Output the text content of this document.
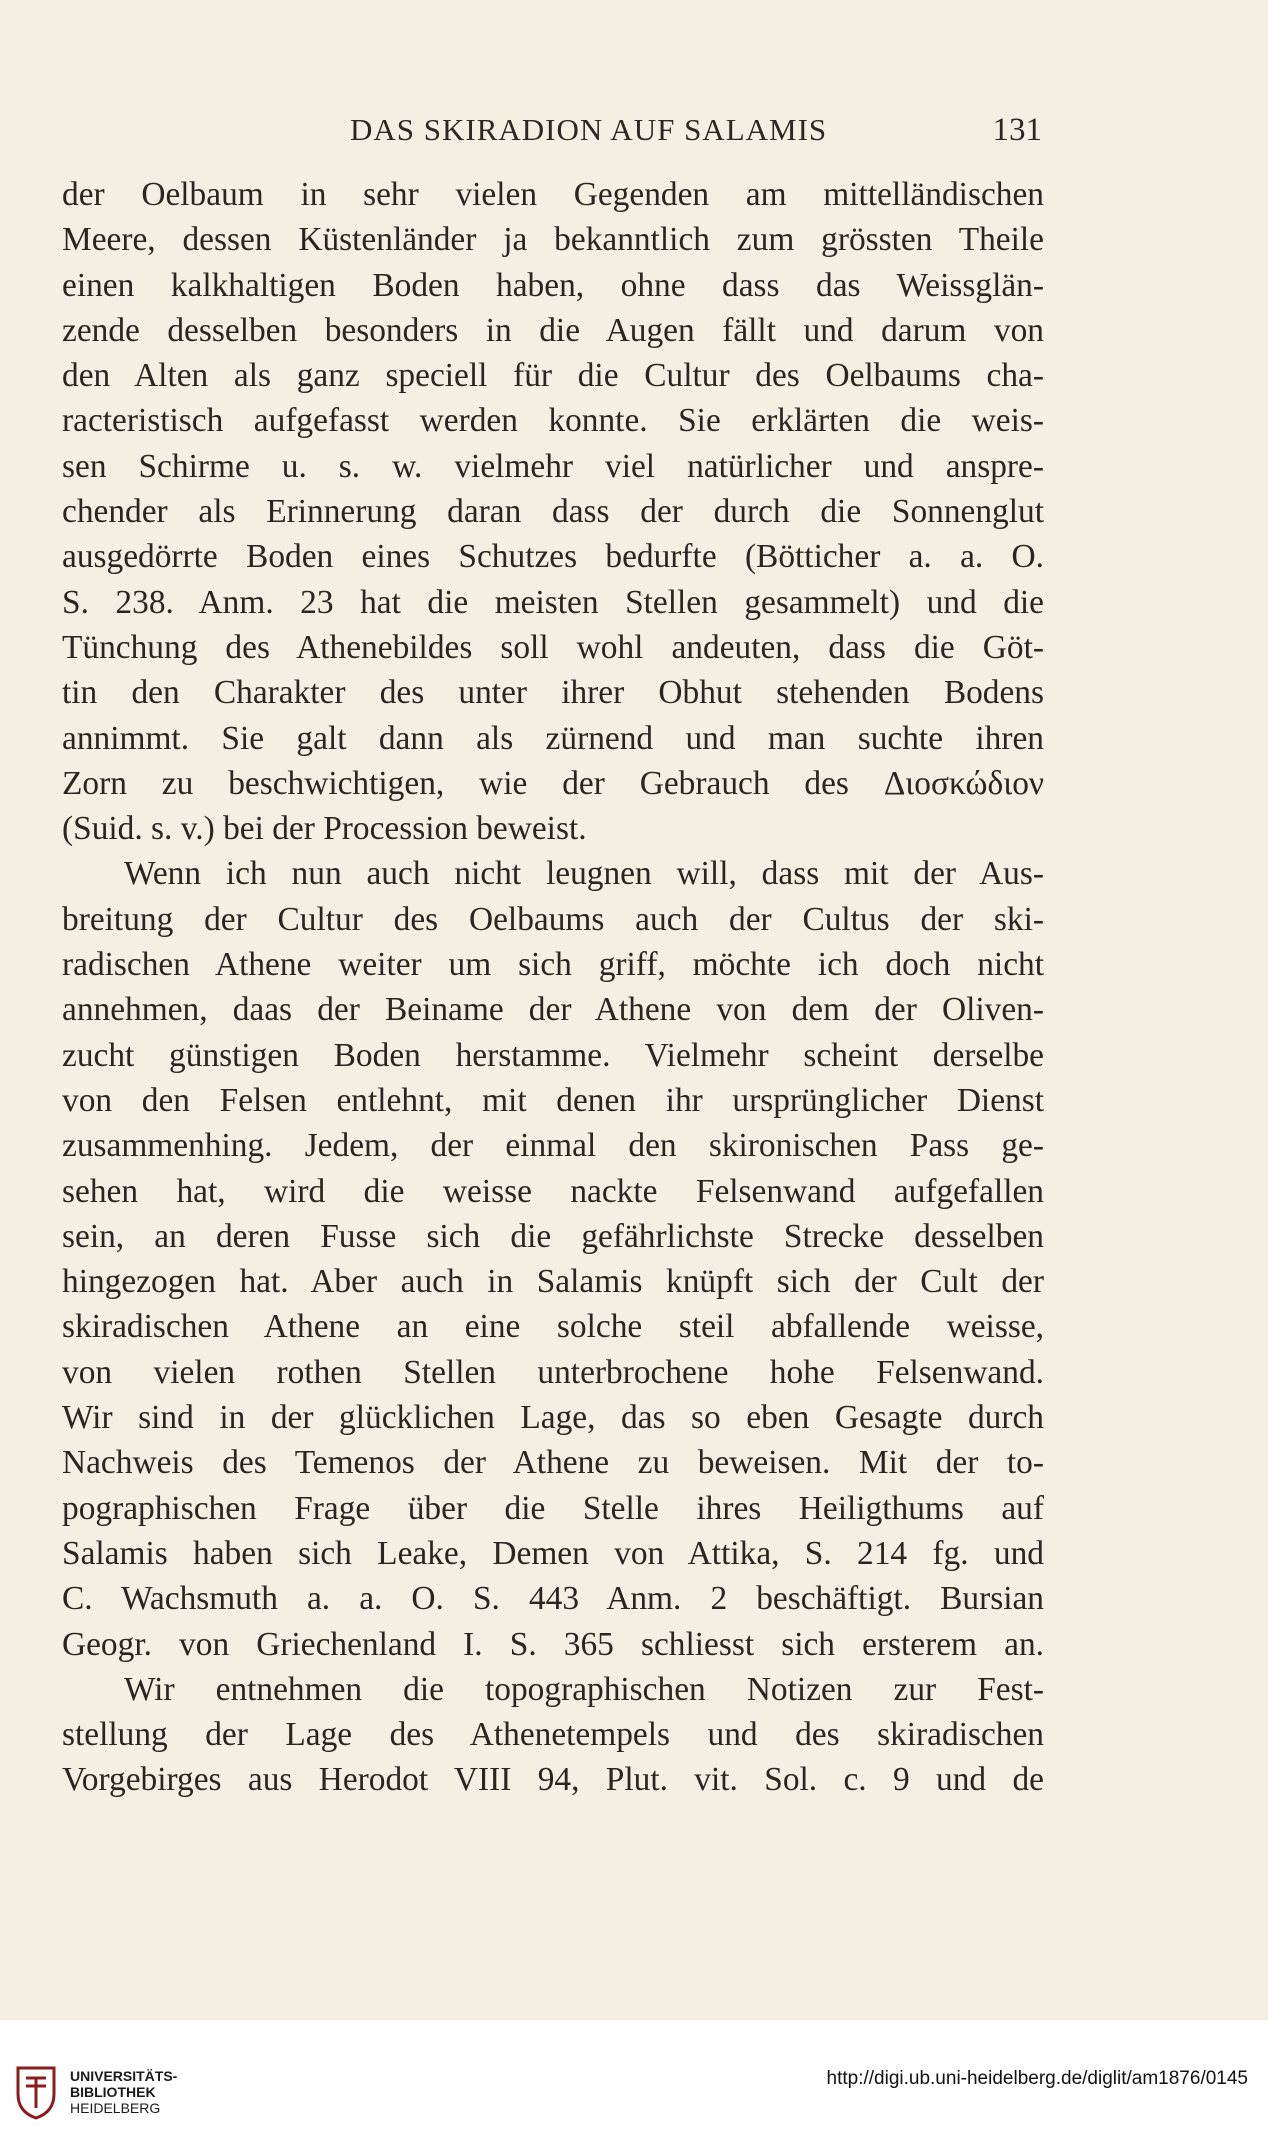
DAS SKIRADION AUF SALAMIS	131
der Oelbaum in sehr vielen Gegenden am mittelländischen
Meere, dessen Küstenländer ja bekanntlich zum grössten Theile
einen kalkhaltigen Boden haben, ohne dass das Weissglän-
zende desselben besonders in die Augen fällt und darum von
den Alten als ganz speciell für die Cultur des Oelbaums cha-
racteristisch aufgefasst werden konnte. Sie erklärten die weis-
sen Schirme u. s. w. vielmehr viel natürlicher und anspre-
chender als Erinnerung daran dass der durch die Sonnenglut
ausgedörrte Boden eines Schutzes bedurfte (Bötticher a. a. O.
S. 238. Anm. 23 hat die meisten Stellen gesammelt) und die
Tünchung des Athenebildes soll wohl andeuten, dass die Göt-
tin den Charakter des unter ihrer Obhut stehenden Bodens
annimmt. Sie galt dann als zürnend und man suchte ihren
Zorn zu beschwichtigen, wie der Gebrauch des Διοσκώδιον
(Suid. s. v.) bei der Procession beweist.
Wenn ich nun auch nicht leugnen will, dass mit der Aus-
breitung der Cultur des Oelbaums auch der Cultus der ski-
radischen Athene weiter um sich griff, möchte ich doch nicht
annehmen, daas der Beiname der Athene von dem der Oliven-
zucht günstigen Boden herstamme. Vielmehr scheint derselbe
von den Felsen entlehnt, mit denen ihr ursprünglicher Dienst
zusammenhing. Jedem, der einmal den skironischen Pass ge-
sehen hat, wird die weisse nackte Felsenwand aufgefallen
sein, an deren Fusse sich die gefährlichste Strecke desselben
hingezogen hat. Aber auch in Salamis knüpft sich der Cult der
skiradischen Athene an eine solche steil abfallende weisse,
von vielen rothen Stellen unterbrochene hohe Felsenwand.
Wir sind in der glücklichen Lage, das so eben Gesagte durch
Nachweis des Temenos der Athene zu beweisen. Mit der to-
pographischen Frage über die Stelle ihres Heiligthums auf
Salamis haben sich Leake, Demen von Attika, S. 214 fg. und
C. Wachsmuth a. a. O. S. 443 Anm. 2 beschäftigt. Bursian
Geogr. von Griechenland I. S. 365 schliesst sich ersterem an.
Wir entnehmen die topographischen Notizen zur Fest-
stellung der Lage des Athenetempels und des skiradischen
Vorgebirges aus Herodot VIII 94, Plut. vit. Sol. c. 9 und de
UNIVERSITÄTS-
BIBLIOTHEK
HEIDELBERG
http://digi.ub.uni-heidelberg.de/diglit/am1876/0145
